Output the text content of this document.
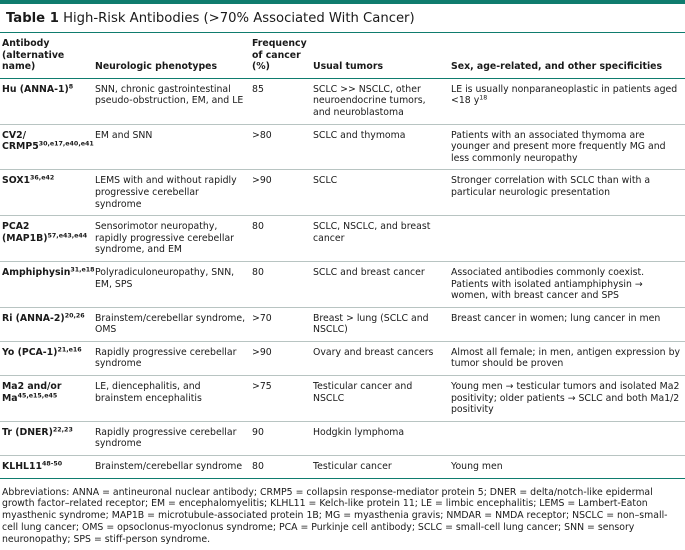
Table 1 High-Risk Antibodies (>70% Associated With Cancer)
Antibody (alternative name)	Neurologic phenotypes	Frequency of cancer (%)	Usual tumors	Sex, age-related, and other specificities
Hu (ANNA-1)$^8$	SNN, chronic gastrointestinal pseudo-obstruction, EM, and LE	85	SCLC >> NSCLC, other neuroendocrine tumors, and neuroblastoma	LE is usually nonparaneoplastic in patients aged <18 $y^{18}$
CV2/ $CRMP5^{30,e17,e40,e41}$	EM and SNN	>80	SCLC and thymoma	Patients with an associated thymoma are younger and present more frequently MG and less commonly neuropathy
$SOX1^{36,e42}$	LEMS with and without rapidly progressive cerebellar syndrome	>90	SCLC	Stronger correlation with SCLC than with a particular neurologic presentation
PCA2 $(MAP1B)^{57,e43,e44}$	Sensorimotor neuropathy, rapidly progressive cerebellar syndrome, and EM	80	SCLC, NSCLC, and breast cancer	
Amphiphysin$^{31,e18}$	Polyradiculoneuropathy, SNN, EM, SPS	80	SCLC and breast cancer	Associated antibodies commonly coexist. Patients with isolated antiamphiphysin → women, with breast cancer and SPS
Ri (ANNA-2)$^{20,26}$	Brainstem/cerebellar syndrome, OMS	>70	Breast > lung (SCLC and NSCLC)	Breast cancer in women; lung cancer in men
Yo $(PCA-1)^{21,e16}$	Rapidly progressive cerebellar syndrome	>90	Ovary and breast cancers	Almost all female; in men, antigen expression by tumor should be proven
Ma2 and/or $Ma^{45,e15,e45}$	LE, diencephalitis, and brainstem encephalitis	>75	Testicular cancer and NSCLC	Young men → testicular tumors and isolated Ma2 positivity; older patients → SCLC and both Ma1/2 positivity
Tr (DNER)$^{22,23}$	Rapidly progressive cerebellar syndrome	90	Hodgkin lymphoma	
KLHL11$^{48-50}$	Brainstem/cerebellar syndrome	80	Testicular cancer	Young men
Abbreviations: ANNA = antineuronal nuclear antibody; CRMP5 = collapsin response-mediator protein 5; DNER = delta/notch-like epidermal growth factor–related receptor; EM = encephalomyelitis; KLHL11 = Kelch-like protein 11; LE = limbic encephalitis; LEMS = Lambert-Eaton myasthenic syndrome; MAP1B = microtubule-associated protein 1B; MG = myasthenia gravis; NMDAR = NMDA receptor; NSCLC = non–small-cell lung cancer; OMS = opsoclonus-myoclonus syndrome; PCA = Purkinje cell antibody; SCLC = small-cell lung cancer; SNN = sensory neuronopathy; SPS = stiff-person syndrome.
